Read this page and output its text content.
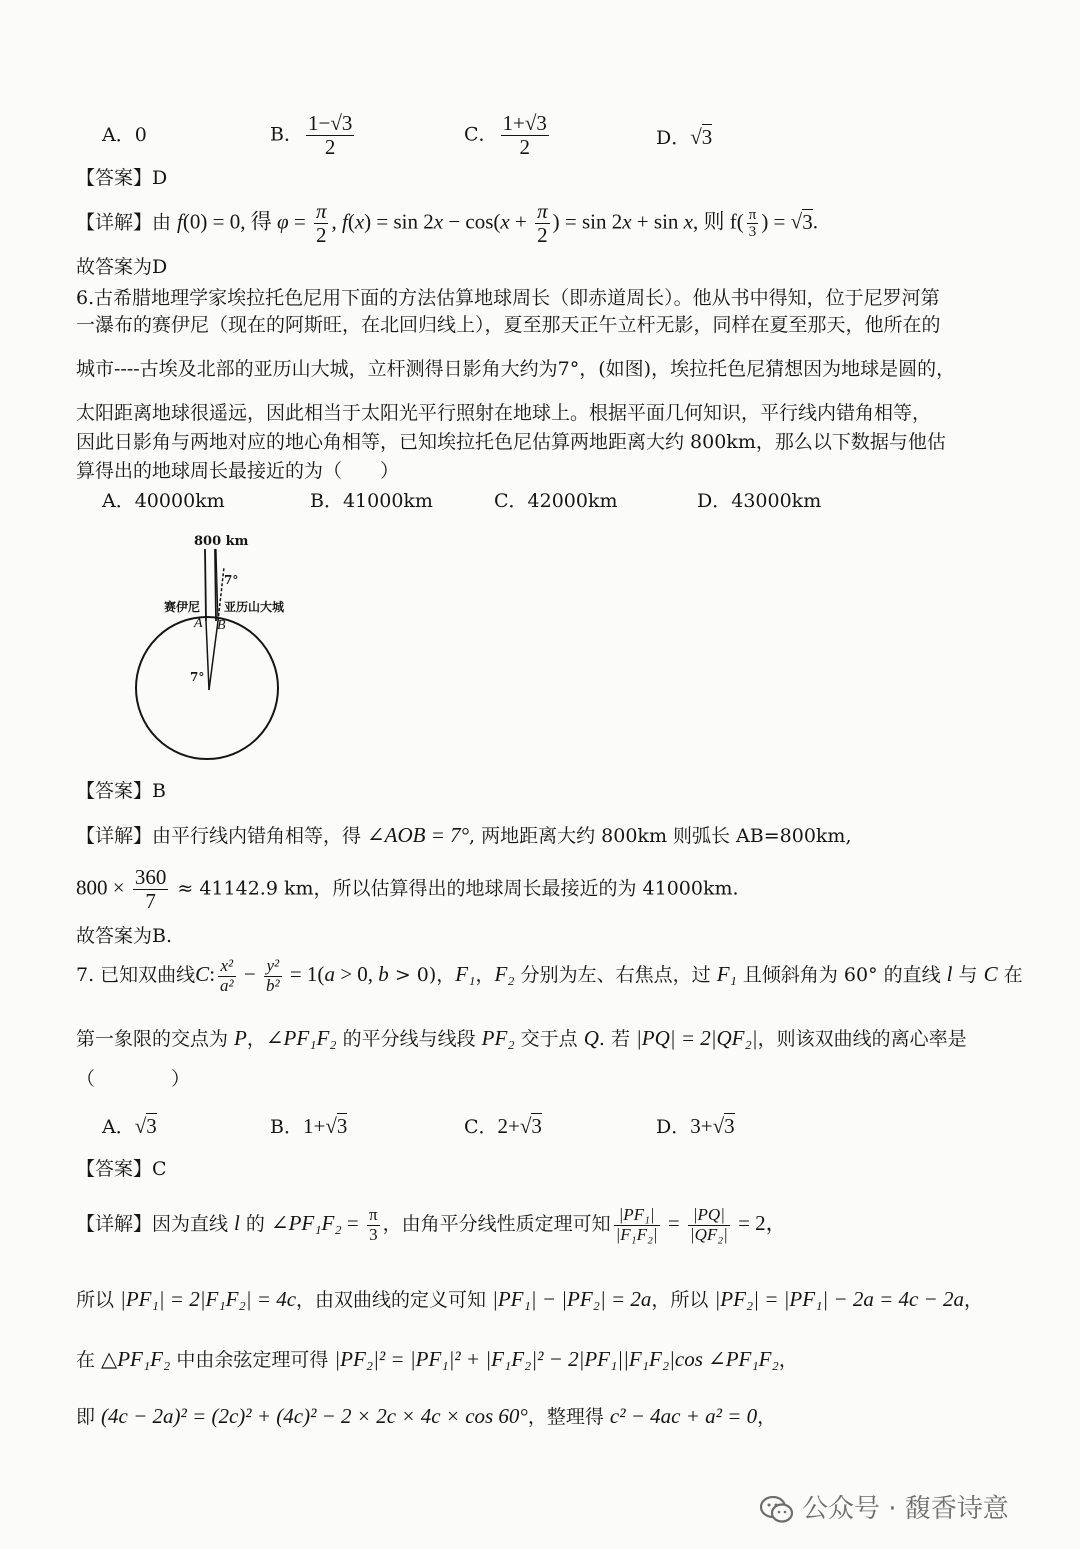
A．0	B． $\frac{1-√3}{2}$	C． $\frac{1+√3}{2}$	D．√3
【答案】D
【详解】由 f(0) = 0, 得 $\varphi = \frac{\pi}{2}$ , $f(x) = \sin 2x - \cos(x + \frac{\pi}{2}$ ) = sin 2x + sin x, 则 $f( \frac{\pi}{3}$ ) = √3.
故答案为D
6.古希腊地理学家埃拉托色尼用下面的方法估算地球周长（即赤道周长）。他从书中得知，位于尼罗河第
一瀑布的赛伊尼（现在的阿斯旺，在北回归线上），夏至那天正午立杆无影，同样在夏至那天，他所在的
城市----古埃及北部的亚历山大城，立杆测得日影角大约为7°，(如图)，埃拉托色尼猜想因为地球是圆的，
太阳距离地球很遥远，因此相当于太阳光平行照射在地球上。根据平面几何知识，平行线内错角相等，
因此日影角与两地对应的地心角相等，已知埃拉托色尼估算两地距离大约 800km，那么以下数据与他估
算得出的地球周长最接近的为（　　）
A．40000km	B．41000km	C．42000km	D．43000km
800 km
7°
赛伊尼 亚历山大城
A B
7°
【答案】B
【详解】由平行线内错角相等，得 ∠AOB = 7°, 两地距离大约 800km 则弧长 AB=800km,
$800 \times \frac{360}{7} \approx 41142.9$ km，所以估算得出的地球周长最接近的为 41000km.
故答案为B.
7. 已知双曲线C: $\frac{\text{x²}}{\text{a²}} - \frac{\text{y²}}{\text{b²}} = 1(a > 0$, b > 0)，F₁，F₂ 分别为左、右焦点，过 F₁ 且倾斜角为 60° 的直线 l 与 C 在
第一象限的交点为 P，∠PF₁F₂ 的平分线与线段 PF₂ 交于点 Q. 若 |PQ| = 2|QF₂|，则该双曲线的离心率是
（　　　　）
A．√3	B．1+√3	C．2+√3	D．3+√3
【答案】C
【详解】因为直线 l 的 ∠PF₁F₂ = $\frac{\pi}{3}$ ，由角平分线性质定理可知 $\frac{\text{|PF₁|}}{\text{|F₁F₂|}} = \frac{|PQ|}{\text{|QF₂|}} = 2$，
所以 |PF₁| = 2|F₁F₂| = 4c，由双曲线的定义可知 |PF₁| − |PF₂| = 2a，所以 |PF₂| = |PF₁| − 2a = 4c − 2a，
在 △PF₁F₂ 中由余弦定理可得 |PF₂|² = |PF₁|² + |F₁F₂|² − 2|PF₁||F₁F₂|cos ∠PF₁F₂，
即 (4c − 2a)² = (2c)² + (4c)² − 2 × 2c × 4c × cos 60°，整理得 c² − 4ac + a² = 0，
公众号 · 馥香诗意
